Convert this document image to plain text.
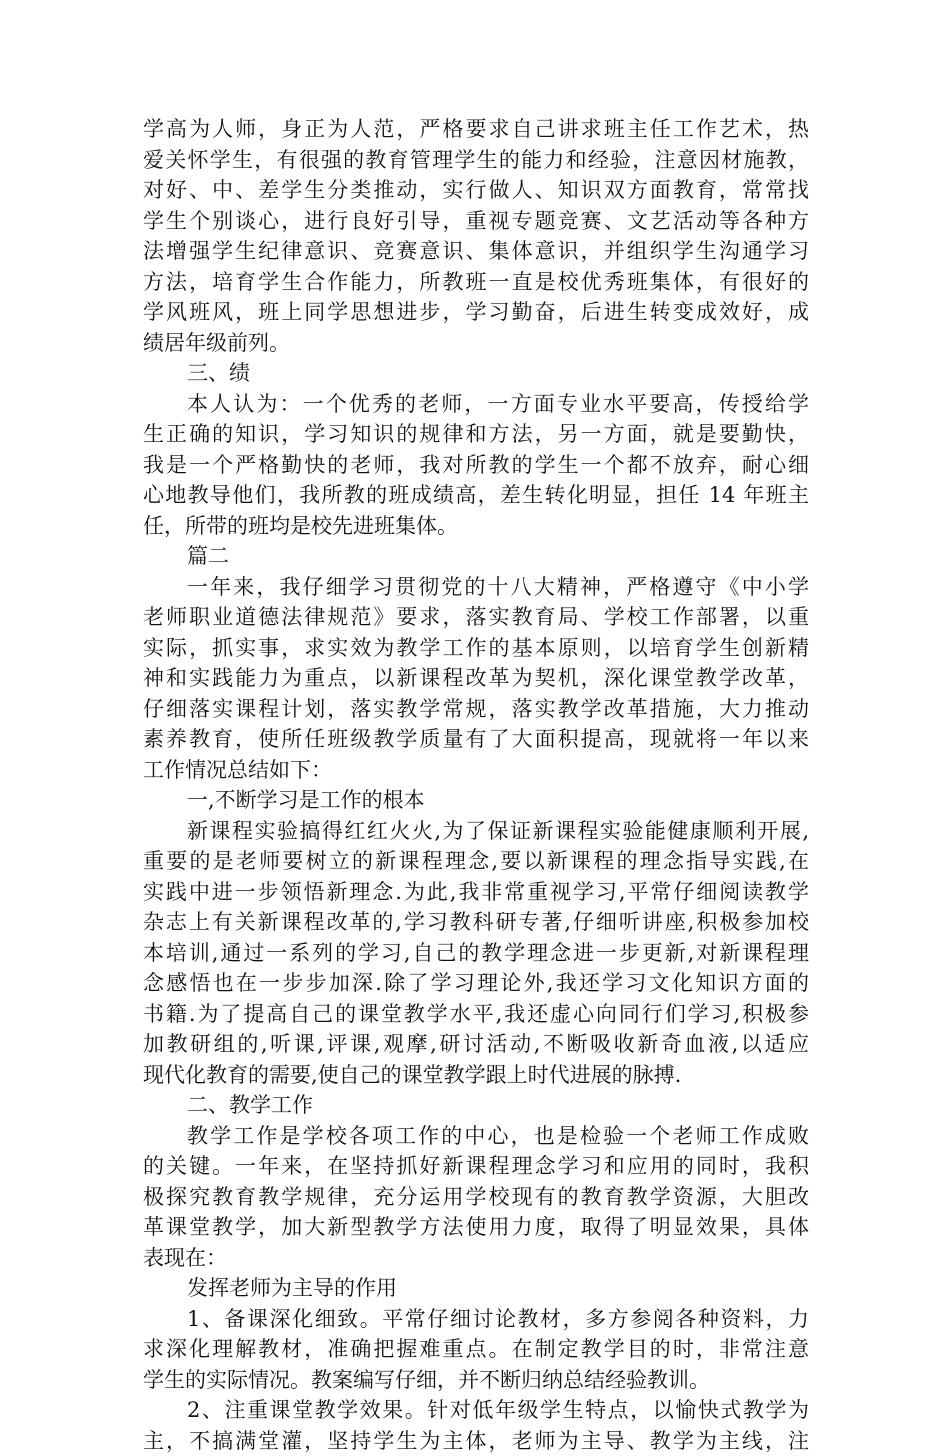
学高为人师，身正为人范，严格要求自己讲求班主任工作艺术，热
爱关怀学生，有很强的教育管理学生的能力和经验，注意因材施教，
对好、中、差学生分类推动，实行做人、知识双方面教育，常常找
学生个别谈心，进行良好引导，重视专题竞赛、文艺活动等各种方
法增强学生纪律意识、竞赛意识、集体意识，并组织学生沟通学习
方法，培育学生合作能力，所教班一直是校优秀班集体，有很好的
学风班风，班上同学思想进步，学习勤奋，后进生转变成效好，成
绩居年级前列。
三、绩
本人认为：一个优秀的老师，一方面专业水平要高，传授给学
生正确的知识，学习知识的规律和方法，另一方面，就是要勤快，
我是一个严格勤快的老师，我对所教的学生一个都不放弃，耐心细
心地教导他们，我所教的班成绩高，差生转化明显，担任 14 年班主
任，所带的班均是校先进班集体。
篇二
一年来，我仔细学习贯彻党的十八大精神，严格遵守《中小学
老师职业道德法律规范》要求，落实教育局、学校工作部署，以重
实际，抓实事，求实效为教学工作的基本原则，以培育学生创新精
神和实践能力为重点，以新课程改革为契机，深化课堂教学改革，
仔细落实课程计划，落实教学常规，落实教学改革措施，大力推动
素养教育，使所任班级教学质量有了大面积提高，现就将一年以来
工作情况总结如下：
一,不断学习是工作的根本
新课程实验搞得红红火火,为了保证新课程实验能健康顺利开展,
重要的是老师要树立的新课程理念,要以新课程的理念指导实践,在
实践中进一步领悟新理念.为此,我非常重视学习,平常仔细阅读教学
杂志上有关新课程改革的,学习教科研专著,仔细听讲座,积极参加校
本培训,通过一系列的学习,自己的教学理念进一步更新,对新课程理
念感悟也在一步步加深.除了学习理论外,我还学习文化知识方面的
书籍.为了提高自己的课堂教学水平,我还虚心向同行们学习,积极参
加教研组的,听课,评课,观摩,研讨活动,不断吸收新奇血液,以适应
现代化教育的需要,使自己的课堂教学跟上时代进展的脉搏.
二、教学工作
教学工作是学校各项工作的中心，也是检验一个老师工作成败
的关键。一年来，在坚持抓好新课程理念学习和应用的同时，我积
极探究教育教学规律，充分运用学校现有的教育教学资源，大胆改
革课堂教学，加大新型教学方法使用力度，取得了明显效果，具体
表现在：
发挥老师为主导的作用
1、备课深化细致。平常仔细讨论教材，多方参阅各种资料，力
求深化理解教材，准确把握难重点。在制定教学目的时，非常注意
学生的实际情况。教案编写仔细，并不断归纳总结经验教训。
2、注重课堂教学效果。针对低年级学生特点，以愉快式教学为
主，不搞满堂灌，坚持学生为主体，老师为主导、教学为主线，注
